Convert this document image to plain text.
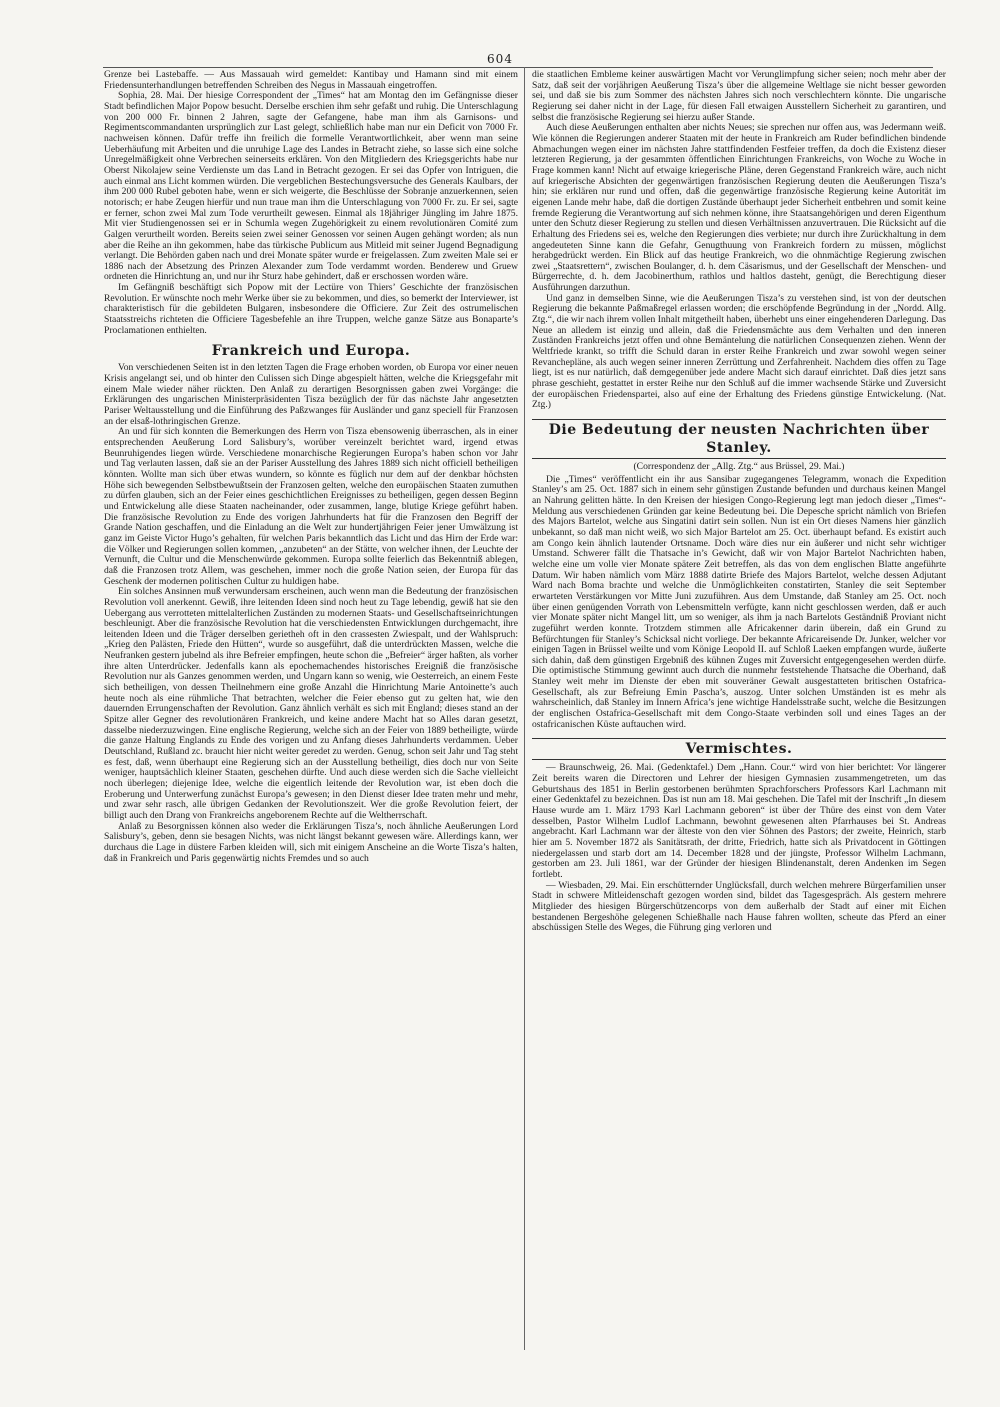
604

Grenze bei Lastebaffe. — Aus Massauah wird gemeldet: Kantibay und Hamann sind mit einem Friedensunterhandlungen betreffenden Schreiben des Negus in Massauah eingetroffen.

Sophia, 28. Mai. Der hiesige Correspondent der „Times“ hat am Montag den im Gefängnisse dieser Stadt befindlichen Major Popow besucht. Derselbe erschien ihm sehr gefaßt und ruhig. Die Unterschlagung von 200 000 Fr. binnen 2 Jahren, sagte der Gefangene, habe man ihm als Garnisons- und Regimentscommandanten ursprünglich zur Last gelegt, schließlich habe man nur ein Deficit von 7000 Fr. nachweisen können. Dafür treffe ihn freilich die formelle Verantwortlichkeit, aber wenn man seine Ueberhäufung mit Arbeiten und die unruhige Lage des Landes in Betracht ziehe, so lasse sich eine solche Unregelmäßigkeit ohne Verbrechen seinerseits erklären. Von den Mitgliedern des Kriegsgerichts habe nur Oberst Nikolajew seine Verdienste um das Land in Betracht gezogen. Er sei das Opfer von Intriguen, die auch einmal ans Licht kommen würden. Die vergeblichen Bestechungsversuche des Generals Kaulbars, der ihm 200 000 Rubel geboten habe, wenn er sich weigerte, die Beschlüsse der Sobranje anzuerkennen, seien notorisch; er habe Zeugen hierfür und nun traue man ihm die Unterschlagung von 7000 Fr. zu. Er sei, sagte er ferner, schon zwei Mal zum Tode verurtheilt gewesen. Einmal als 18jähriger Jüngling im Jahre 1875. Mit vier Studiengenossen sei er in Schumla wegen Zugehörigkeit zu einem revolutionären Comité zum Galgen verurtheilt worden. Bereits seien zwei seiner Genossen vor seinen Augen gehängt worden; als nun aber die Reihe an ihn gekommen, habe das türkische Publicum aus Mitleid mit seiner Jugend Begnadigung verlangt. Die Behörden gaben nach und drei Monate später wurde er freigelassen. Zum zweiten Male sei er 1886 nach der Absetzung des Prinzen Alexander zum Tode verdammt worden. Benderew und Gruew ordneten die Hinrichtung an, und nur ihr Sturz habe gehindert, daß er erschossen worden wäre.

Im Gefängniß beschäftigt sich Popow mit der Lectüre von Thiers’ Geschichte der französischen Revolution. Er wünschte noch mehr Werke über sie zu bekommen, und dies, so bemerkt der Interviewer, ist charakteristisch für die gebildeten Bulgaren, insbesondere die Officiere. Zur Zeit des ostrumelischen Staatsstreichs richteten die Officiere Tagesbefehle an ihre Truppen, welche ganze Sätze aus Bonaparte’s Proclamationen enthielten.

Frankreich und Europa.

Von verschiedenen Seiten ist in den letzten Tagen die Frage erhoben worden, ob Europa vor einer neuen Krisis angelangt sei, und ob hinter den Culissen sich Dinge abgespielt hätten, welche die Kriegsgefahr mit einem Male wieder näher rückten. Den Anlaß zu derartigen Besorgnissen gaben zwei Vorgänge: die Erklärungen des ungarischen Ministerpräsidenten Tisza bezüglich der für das nächste Jahr angesetzten Pariser Weltausstellung und die Einführung des Paßzwanges für Ausländer und ganz speciell für Franzosen an der elsaß-lothringischen Grenze.

An und für sich konnten die Bemerkungen des Herrn von Tisza ebensowenig überraschen, als in einer entsprechenden Aeußerung Lord Salisbury’s, worüber vereinzelt berichtet ward, irgend etwas Beunruhigendes liegen würde. Verschiedene monarchische Regierungen Europa’s haben schon vor Jahr und Tag verlauten lassen, daß sie an der Pariser Ausstellung des Jahres 1889 sich nicht officiell betheiligen könnten. Wollte man sich über etwas wundern, so könnte es füglich nur dem auf der denkbar höchsten Höhe sich bewegenden Selbstbewußtsein der Franzosen gelten, welche den europäischen Staaten zumuthen zu dürfen glauben, sich an der Feier eines geschichtlichen Ereignisses zu betheiligen, gegen dessen Beginn und Entwickelung alle diese Staaten nacheinander, oder zusammen, lange, blutige Kriege geführt haben. Die französische Revolution zu Ende des vorigen Jahrhunderts hat für die Franzosen den Begriff der Grande Nation geschaffen, und die Einladung an die Welt zur hundertjährigen Feier jener Umwälzung ist ganz im Geiste Victor Hugo’s gehalten, für welchen Paris bekanntlich das Licht und das Hirn der Erde war: die Völker und Regierungen sollen kommen, „anzubeten“ an der Stätte, von welcher ihnen, der Leuchte der Vernunft, die Cultur und die Menschenwürde gekommen. Europa sollte feierlich das Bekenntniß ablegen, daß die Franzosen trotz Allem, was geschehen, immer noch die große Nation seien, der Europa für das Geschenk der modernen politischen Cultur zu huldigen habe.

Ein solches Ansinnen muß verwundersam erscheinen, auch wenn man die Bedeutung der französischen Revolution voll anerkennt. Gewiß, ihre leitenden Ideen sind noch heut zu Tage lebendig, gewiß hat sie den Uebergang aus verrotteten mittelalterlichen Zuständen zu modernen Staats- und Gesellschaftseinrichtungen beschleunigt. Aber die französische Revolution hat die verschiedensten Entwicklungen durchgemacht, ihre leitenden Ideen und die Träger derselben gerietheh oft in den crassesten Zwiespalt, und der Wahlspruch: „Krieg den Palästen, Friede den Hütten“, wurde so ausgeführt, daß die unterdrückten Massen, welche die Neufranken gestern jubelnd als ihre Befreier empfingen, heute schon die „Befreier“ ärger haßten, als vorher ihre alten Unterdrücker. Jedenfalls kann als epochemachendes historisches Ereigniß die französische Revolution nur als Ganzes genommen werden, und Ungarn kann so wenig, wie Oesterreich, an einem Feste sich betheiligen, von dessen Theilnehmern eine große Anzahl die Hinrichtung Marie Antoinette’s auch heute noch als eine rühmliche That betrachten, welcher die Feier ebenso gut zu gelten hat, wie den dauernden Errungenschaften der Revolution. Ganz ähnlich verhält es sich mit England; dieses stand an der Spitze aller Gegner des revolutionären Frankreich, und keine andere Macht hat so Alles daran gesetzt, dasselbe niederzuzwingen. Eine englische Regierung, welche sich an der Feier von 1889 betheiligte, würde die ganze Haltung Englands zu Ende des vorigen und zu Anfang dieses Jahrhunderts verdammen. Ueber Deutschland, Rußland zc. braucht hier nicht weiter geredet zu werden. Genug, schon seit Jahr und Tag steht es fest, daß, wenn überhaupt eine Regierung sich an der Ausstellung betheiligt, dies doch nur von Seite weniger, hauptsächlich kleiner Staaten, geschehen dürfte. Und auch diese werden sich die Sache vielleicht noch überlegen; diejenige Idee, welche die eigentlich leitende der Revolution war, ist eben doch die Eroberung und Unterwerfung zunächst Europa’s gewesen; in den Dienst dieser Idee traten mehr und mehr, und zwar sehr rasch, alle übrigen Gedanken der Revolutionszeit. Wer die große Revolution feiert, der billigt auch den Drang von Frankreichs angeborenem Rechte auf die Weltherrschaft.

Anlaß zu Besorgnissen können also weder die Erklärungen Tisza’s, noch ähnliche Aeußerungen Lord Salisbury’s, geben, denn sie besagen Nichts, was nicht längst bekannt gewesen wäre. Allerdings kann, wer durchaus die Lage in düstere Farben kleiden will, sich mit einigem Anscheine an die Worte Tisza’s halten, daß in Frankreich und Paris gegenwärtig nichts Fremdes und so auch

die staatlichen Embleme keiner auswärtigen Macht vor Verunglimpfung sicher seien; noch mehr aber der Satz, daß seit der vorjährigen Aeußerung Tisza’s über die allgemeine Weltlage sie nicht besser geworden sei, und daß sie bis zum Sommer des nächsten Jahres sich noch verschlechtern könnte. Die ungarische Regierung sei daher nicht in der Lage, für diesen Fall etwaigen Ausstellern Sicherheit zu garantiren, und selbst die französische Regierung sei hierzu außer Stande.

Auch diese Aeußerungen enthalten aber nichts Neues; sie sprechen nur offen aus, was Jedermann weiß. Wie können die Regierungen anderer Staaten mit der heute in Frankreich am Ruder befindlichen bindende Abmachungen wegen einer im nächsten Jahre stattfindenden Festfeier treffen, da doch die Existenz dieser letzteren Regierung, ja der gesammten öffentlichen Einrichtungen Frankreichs, von Woche zu Woche in Frage kommen kann! Nicht auf etwaige kriegerische Pläne, deren Gegenstand Frankreich wäre, auch nicht auf kriegerische Absichten der gegenwärtigen französischen Regierung deuten die Aeußerungen Tisza’s hin; sie erklären nur rund und offen, daß die gegenwärtige französische Regierung keine Autorität im eigenen Lande mehr habe, daß die dortigen Zustände überhaupt jeder Sicherheit entbehren und somit keine fremde Regierung die Verantwortung auf sich nehmen könne, ihre Staatsangehörigen und deren Eigenthum unter den Schutz dieser Regierung zu stellen und diesen Verhältnissen anzuvertrauen. Die Rücksicht auf die Erhaltung des Friedens sei es, welche den Regierungen dies verbiete; nur durch ihre Zurückhaltung in dem angedeuteten Sinne kann die Gefahr, Genugthuung von Frankreich fordern zu müssen, möglichst herabgedrückt werden. Ein Blick auf das heutige Frankreich, wo die ohnmächtige Regierung zwischen zwei „Staatsrettern“, zwischen Boulanger, d. h. dem Cäsarismus, und der Gesellschaft der Menschen- und Bürgerrechte, d. h. dem Jacobinerthum, rathlos und haltlos dasteht, genügt, die Berechtigung dieser Ausführungen darzuthun.

Und ganz in demselben Sinne, wie die Aeußerungen Tisza’s zu verstehen sind, ist von der deutschen Regierung die bekannte Paßmaßregel erlassen worden; die erschöpfende Begründung in der „Nordd. Allg. Ztg.“, die wir nach ihrem vollen Inhalt mitgetheilt haben, überhebt uns einer eingehenderen Darlegung. Das Neue an alledem ist einzig und allein, daß die Friedensmächte aus dem Verhalten und den inneren Zuständen Frankreichs jetzt offen und ohne Bemäntelung die natürlichen Consequenzen ziehen. Wenn der Weltfriede krankt, so trifft die Schuld daran in erster Reihe Frankreich und zwar sowohl wegen seiner Revanchepläne, als auch wegen seiner inneren Zerrüttung und Zerfahrenheit. Nachdem dies offen zu Tage liegt, ist es nur natürlich, daß demgegenüber jede andere Macht sich darauf einrichtet. Daß dies jetzt sans phrase geschieht, gestattet in erster Reihe nur den Schluß auf die immer wachsende Stärke und Zuversicht der europäischen Friedenspartei, also auf eine der Erhaltung des Friedens günstige Entwickelung. (Nat. Ztg.)

Die Bedeutung der neusten Nachrichten über Stanley.
(Correspondenz der „Allg. Ztg.“ aus Brüssel, 29. Mai.)

Die „Times“ veröffentlicht ein ihr aus Sansibar zugegangenes Telegramm, wonach die Expedition Stanley’s am 25. Oct. 1887 sich in einem sehr günstigen Zustande befunden und durchaus keinen Mangel an Nahrung gelitten hätte. In den Kreisen der hiesigen Congo-Regierung legt man jedoch dieser „Times“-Meldung aus verschiedenen Gründen gar keine Bedeutung bei. Die Depesche spricht nämlich von Briefen des Majors Bartelot, welche aus Singatini datirt sein sollen. Nun ist ein Ort dieses Namens hier gänzlich unbekannt, so daß man nicht weiß, wo sich Major Bartelot am 25. Oct. überhaupt befand. Es existirt auch am Congo kein ähnlich lautender Ortsname. Doch wäre dies nur ein äußerer und nicht sehr wichtiger Umstand. Schwerer fällt die Thatsache in’s Gewicht, daß wir von Major Bartelot Nachrichten haben, welche eine um volle vier Monate spätere Zeit betreffen, als das von dem englischen Blatte angeführte Datum. Wir haben nämlich vom März 1888 datirte Briefe des Majors Bartelot, welche dessen Adjutant Ward nach Boma brachte und welche die Unmöglichkeiten constatirten, Stanley die seit September erwarteten Verstärkungen vor Mitte Juni zuzuführen. Aus dem Umstande, daß Stanley am 25. Oct. noch über einen genügenden Vorrath von Lebensmitteln verfügte, kann nicht geschlossen werden, daß er auch vier Monate später nicht Mangel litt, um so weniger, als ihm ja nach Bartelots Geständniß Proviant nicht zugeführt werden konnte. Trotzdem stimmen alle Africakenner darin überein, daß ein Grund zu Befürchtungen für Stanley’s Schicksal nicht vorliege. Der bekannte Africareisende Dr. Junker, welcher vor einigen Tagen in Brüssel weilte und vom Könige Leopold II. auf Schloß Laeken empfangen wurde, äußerte sich dahin, daß dem günstigen Ergebniß des kühnen Zuges mit Zuversicht entgegengesehen werden dürfe. Die optimistische Stimmung gewinnt auch durch die nunmehr feststehende Thatsache die Oberhand, daß Stanley weit mehr im Dienste der eben mit souveräner Gewalt ausgestatteten britischen Ostafrica-Gesellschaft, als zur Befreiung Emin Pascha’s, auszog. Unter solchen Umständen ist es mehr als wahrscheinlich, daß Stanley im Innern Africa’s jene wichtige Handelsstraße sucht, welche die Besitzungen der englischen Ostafrica-Gesellschaft mit dem Congo-Staate verbinden soll und eines Tages an der ostafricanischen Küste auftauchen wird.

Vermischtes.

— Braunschweig, 26. Mai. (Gedenktafel.) Dem „Hann. Cour.“ wird von hier berichtet: Vor längerer Zeit bereits waren die Directoren und Lehrer der hiesigen Gymnasien zusammengetreten, um das Geburtshaus des 1851 in Berlin gestorbenen berühmten Sprachforschers Professors Karl Lachmann mit einer Gedenktafel zu bezeichnen. Das ist nun am 18. Mai geschehen. Die Tafel mit der Inschrift „In diesem Hause wurde am 1. März 1793 Karl Lachmann geboren“ ist über der Thüre des einst von dem Vater desselben, Pastor Wilhelm Ludlof Lachmann, bewohnt gewesenen alten Pfarrhauses bei St. Andreas angebracht. Karl Lachmann war der älteste von den vier Söhnen des Pastors; der zweite, Heinrich, starb hier am 5. November 1872 als Sanitätsrath, der dritte, Friedrich, hatte sich als Privatdocent in Göttingen niedergelassen und starb dort am 14. December 1828 und der jüngste, Professor Wilhelm Lachmann, gestorben am 23. Juli 1861, war der Gründer der hiesigen Blindenanstalt, deren Andenken im Segen fortlebt.

— Wiesbaden, 29. Mai. Ein erschütternder Unglücksfall, durch welchen mehrere Bürgerfamilien unser Stadt in schwere Mitleidenschaft gezogen worden sind, bildet das Tagesgespräch. Als gestern mehrere Mitglieder des hiesigen Bürgerschützencorps von dem außerhalb der Stadt auf einer mit Eichen bestandenen Bergeshöhe gelegenen Schießhalle nach Hause fahren wollten, scheute das Pferd an einer abschüssigen Stelle des Weges, die Führung ging verloren und
